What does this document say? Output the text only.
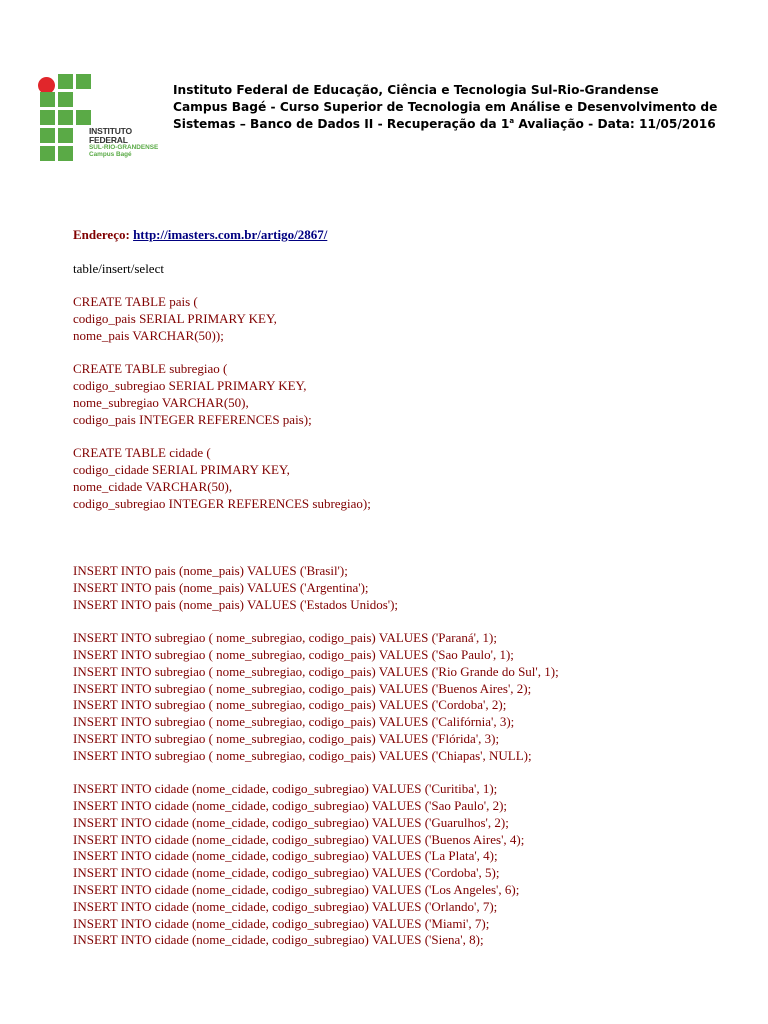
INSTITUTO FEDERAL
SUL-RIO-GRANDENSE
Campus Bagé
Instituto Federal de Educação, Ciência e Tecnologia Sul-Rio-Grandense
Campus Bagé - Curso Superior de Tecnologia em Análise e Desenvolvimento de
Sistemas – Banco de Dados II - Recuperação da 1$^a$ Avaliação - Data: 11/05/2016
Endereço: http://imasters.com.br/artigo/2867/
table/insert/select
CREATE TABLE pais (
codigo_pais SERIAL PRIMARY KEY,
nome_pais VARCHAR(50));
CREATE TABLE subregiao (
codigo_subregiao SERIAL PRIMARY KEY,
nome_subregiao VARCHAR(50),
codigo_pais INTEGER REFERENCES pais);
CREATE TABLE cidade (
codigo_cidade SERIAL PRIMARY KEY,
nome_cidade VARCHAR(50),
codigo_subregiao INTEGER REFERENCES subregiao);
INSERT INTO pais (nome_pais) VALUES ('Brasil');
INSERT INTO pais (nome_pais) VALUES ('Argentina');
INSERT INTO pais (nome_pais) VALUES ('Estados Unidos');
INSERT INTO subregiao ( nome_subregiao, codigo_pais) VALUES ('Paraná', 1);
INSERT INTO subregiao ( nome_subregiao, codigo_pais) VALUES ('Sao Paulo', 1);
INSERT INTO subregiao ( nome_subregiao, codigo_pais) VALUES ('Rio Grande do Sul', 1);
INSERT INTO subregiao ( nome_subregiao, codigo_pais) VALUES ('Buenos Aires', 2);
INSERT INTO subregiao ( nome_subregiao, codigo_pais) VALUES ('Cordoba', 2);
INSERT INTO subregiao ( nome_subregiao, codigo_pais) VALUES ('Califórnia', 3);
INSERT INTO subregiao ( nome_subregiao, codigo_pais) VALUES ('Flórida', 3);
INSERT INTO subregiao ( nome_subregiao, codigo_pais) VALUES ('Chiapas', NULL);
INSERT INTO cidade (nome_cidade, codigo_subregiao) VALUES ('Curitiba', 1);
INSERT INTO cidade (nome_cidade, codigo_subregiao) VALUES ('Sao Paulo', 2);
INSERT INTO cidade (nome_cidade, codigo_subregiao) VALUES ('Guarulhos', 2);
INSERT INTO cidade (nome_cidade, codigo_subregiao) VALUES ('Buenos Aires', 4);
INSERT INTO cidade (nome_cidade, codigo_subregiao) VALUES ('La Plata', 4);
INSERT INTO cidade (nome_cidade, codigo_subregiao) VALUES ('Cordoba', 5);
INSERT INTO cidade (nome_cidade, codigo_subregiao) VALUES ('Los Angeles', 6);
INSERT INTO cidade (nome_cidade, codigo_subregiao) VALUES ('Orlando', 7);
INSERT INTO cidade (nome_cidade, codigo_subregiao) VALUES ('Miami', 7);
INSERT INTO cidade (nome_cidade, codigo_subregiao) VALUES ('Siena', 8);
